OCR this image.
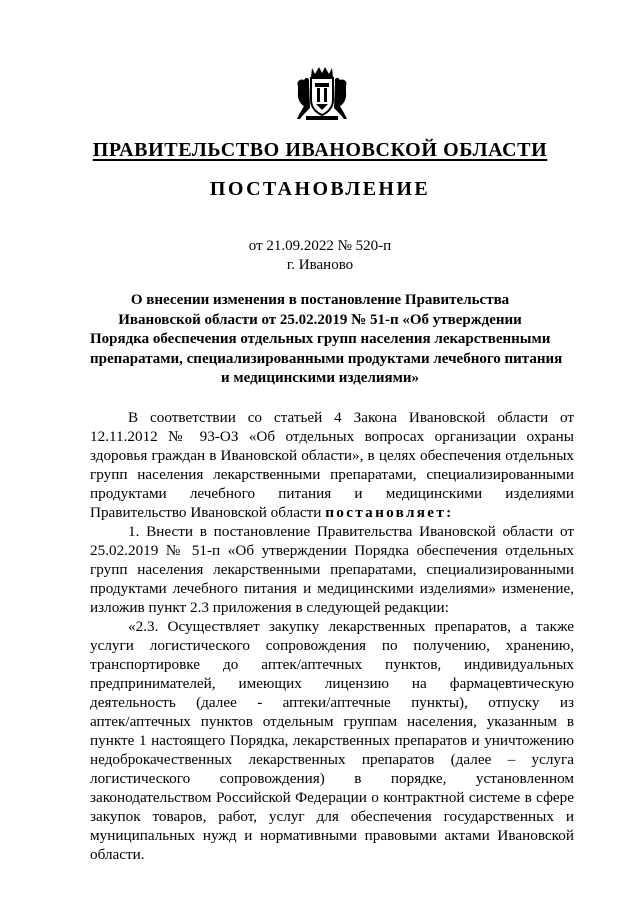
ПРАВИТЕЛЬСТВО ИВАНОВСКОЙ ОБЛАСТИ
ПОСТАНОВЛЕНИЕ
от 21.09.2022 № 520-п
г. Иваново
О внесении изменения в постановление Правительства
Ивановской области от 25.02.2019 № 51-п «Об утверждении
Порядка обеспечения отдельных групп населения лекарственными
препаратами, специализированными продуктами лечебного питания
и медицинскими изделиями»
В соответствии со статьей 4 Закона Ивановской области от
12.11.2012 № 93-ОЗ «Об отдельных вопросах организации охраны
здоровья граждан в Ивановской области», в целях обеспечения отдельных
групп населения лекарственными препаратами, специализированными
продуктами лечебного питания и медицинскими изделиями
Правительство Ивановской области постановляет:
1. Внести в постановление Правительства Ивановской области от
25.02.2019 № 51-п «Об утверждении Порядка обеспечения отдельных
групп населения лекарственными препаратами, специализированными
продуктами лечебного питания и медицинскими изделиями» изменение,
изложив пункт 2.3 приложения в следующей редакции:
«2.3. Осуществляет закупку лекарственных препаратов, а также
услуги логистического сопровождения по получению, хранению,
транспортировке до аптек/аптечных пунктов, индивидуальных
предпринимателей, имеющих лицензию на фармацевтическую
деятельность (далее - аптеки/аптечные пункты), отпуску из
аптек/аптечных пунктов отдельным группам населения, указанным в
пункте 1 настоящего Порядка, лекарственных препаратов и уничтожению
недоброкачественных лекарственных препаратов (далее – услуга
логистического сопровождения) в порядке, установленном
законодательством Российской Федерации о контрактной системе в сфере
закупок товаров, работ, услуг для обеспечения государственных и
муниципальных нужд и нормативными правовыми актами Ивановской
области.
